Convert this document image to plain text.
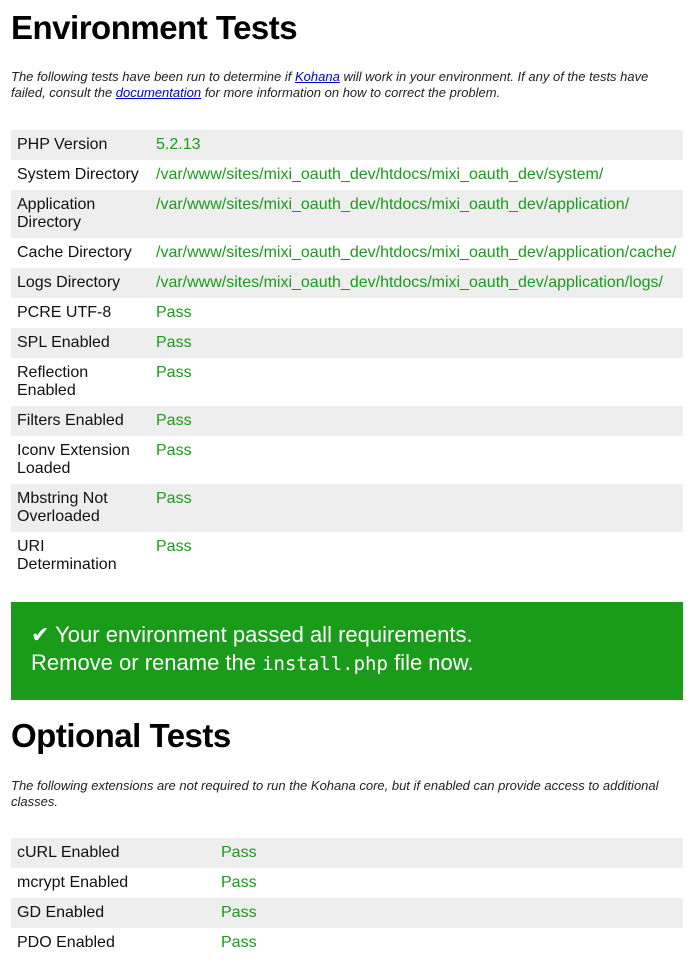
Environment Tests

The following tests have been run to determine if Kohana will work in your environment. If any of the tests have failed, consult the documentation for more information on how to correct the problem.

PHP Version	5.2.13
System Directory	/var/www/sites/mixi_oauth_dev/htdocs/mixi_oauth_dev/system/
Application Directory	/var/www/sites/mixi_oauth_dev/htdocs/mixi_oauth_dev/application/
Cache Directory	/var/www/sites/mixi_oauth_dev/htdocs/mixi_oauth_dev/application/cache/
Logs Directory	/var/www/sites/mixi_oauth_dev/htdocs/mixi_oauth_dev/application/logs/
PCRE UTF-8	Pass
SPL Enabled	Pass
Reflection Enabled	Pass
Filters Enabled	Pass
Iconv Extension Loaded	Pass
Mbstring Not Overloaded	Pass
URI Determination	Pass
✔ Your environment passed all requirements.
Remove or rename the install.php file now.
Optional Tests

The following extensions are not required to run the Kohana core, but if enabled can provide access to additional classes.

cURL Enabled	Pass
mcrypt Enabled	Pass
GD Enabled	Pass
PDO Enabled	Pass
